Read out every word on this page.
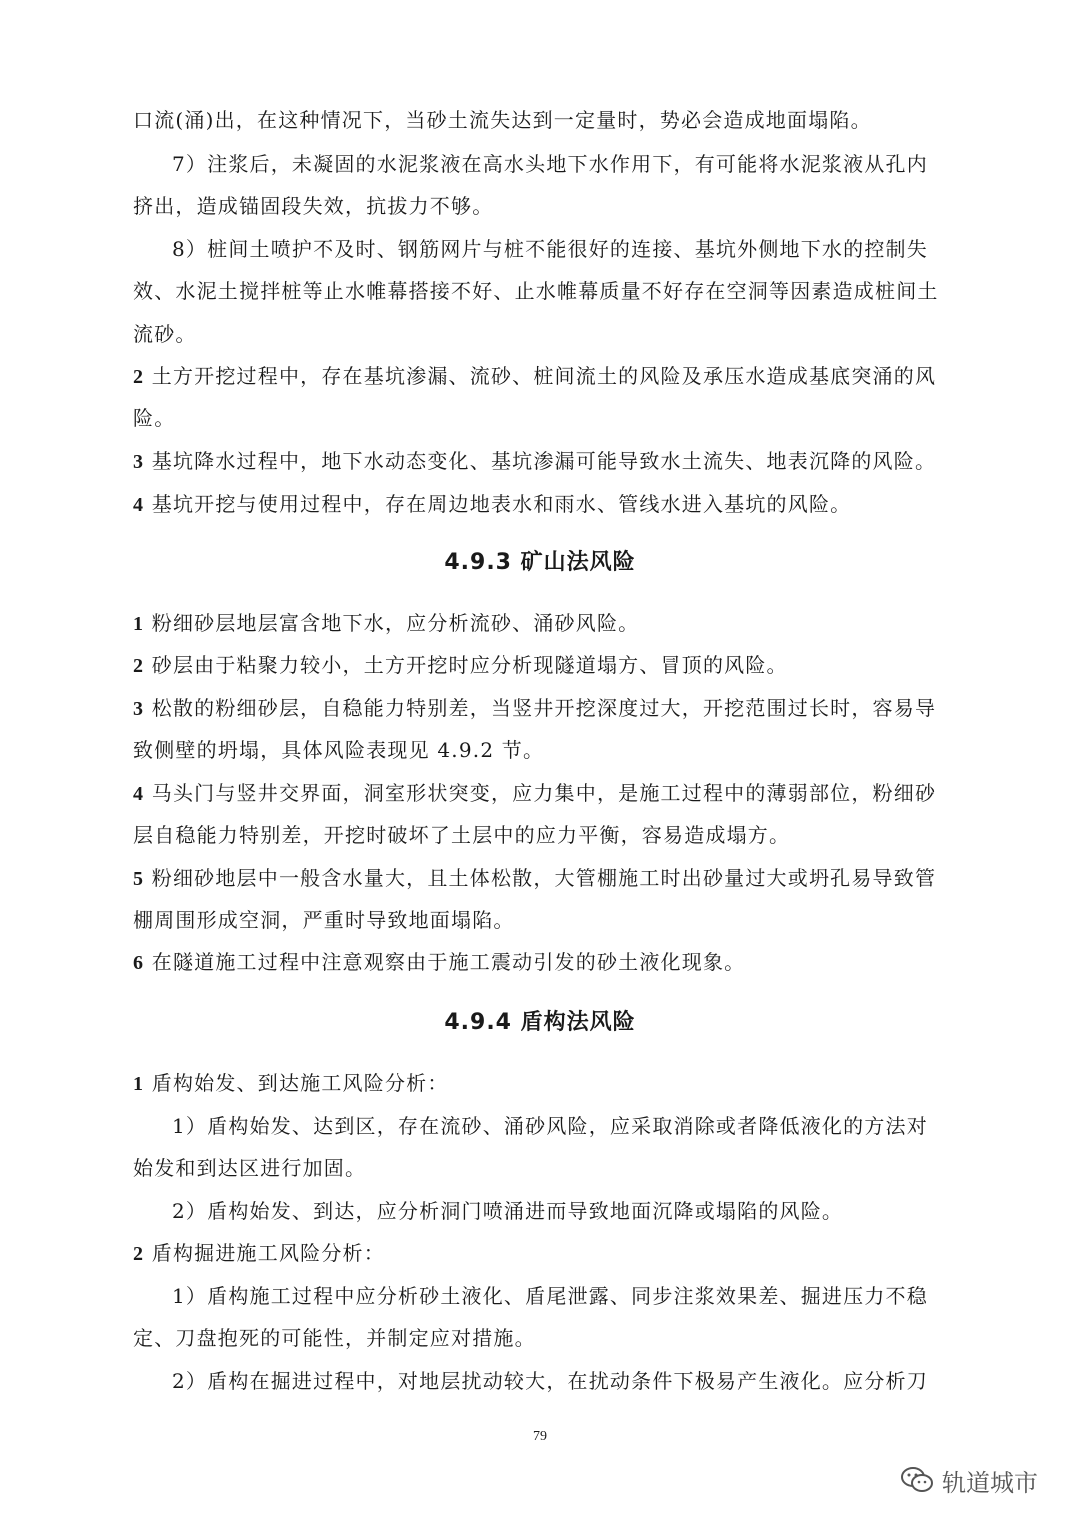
口流(涌)出，在这种情况下，当砂土流失达到一定量时，势必会造成地面塌陷。
7）注浆后，未凝固的水泥浆液在高水头地下水作用下，有可能将水泥浆液从孔内
挤出，造成锚固段失效，抗拔力不够。
8）桩间土喷护不及时、钢筋网片与桩不能很好的连接、基坑外侧地下水的控制失
效、水泥土搅拌桩等止水帷幕搭接不好、止水帷幕质量不好存在空洞等因素造成桩间土
流砂。
2 土方开挖过程中，存在基坑渗漏、流砂、桩间流土的风险及承压水造成基底突涌的风
险。
3 基坑降水过程中，地下水动态变化、基坑渗漏可能导致水土流失、地表沉降的风险。
4 基坑开挖与使用过程中，存在周边地表水和雨水、管线水进入基坑的风险。
4.9.3 矿山法风险
1 粉细砂层地层富含地下水，应分析流砂、涌砂风险。
2 砂层由于粘聚力较小，土方开挖时应分析现隧道塌方、冒顶的风险。
3 松散的粉细砂层，自稳能力特别差，当竖井开挖深度过大，开挖范围过长时，容易导
致侧壁的坍塌，具体风险表现见 4.9.2 节。
4 马头门与竖井交界面，洞室形状突变，应力集中，是施工过程中的薄弱部位，粉细砂
层自稳能力特别差，开挖时破坏了土层中的应力平衡，容易造成塌方。
5 粉细砂地层中一般含水量大，且土体松散，大管棚施工时出砂量过大或坍孔易导致管
棚周围形成空洞，严重时导致地面塌陷。
6 在隧道施工过程中注意观察由于施工震动引发的砂土液化现象。
4.9.4 盾构法风险
1 盾构始发、到达施工风险分析：
1）盾构始发、达到区，存在流砂、涌砂风险，应采取消除或者降低液化的方法对
始发和到达区进行加固。
2）盾构始发、到达，应分析洞门喷涌进而导致地面沉降或塌陷的风险。
2 盾构掘进施工风险分析：
1）盾构施工过程中应分析砂土液化、盾尾泄露、同步注浆效果差、掘进压力不稳
定、刀盘抱死的可能性，并制定应对措施。
2）盾构在掘进过程中，对地层扰动较大，在扰动条件下极易产生液化。应分析刀
79
轨道城市
